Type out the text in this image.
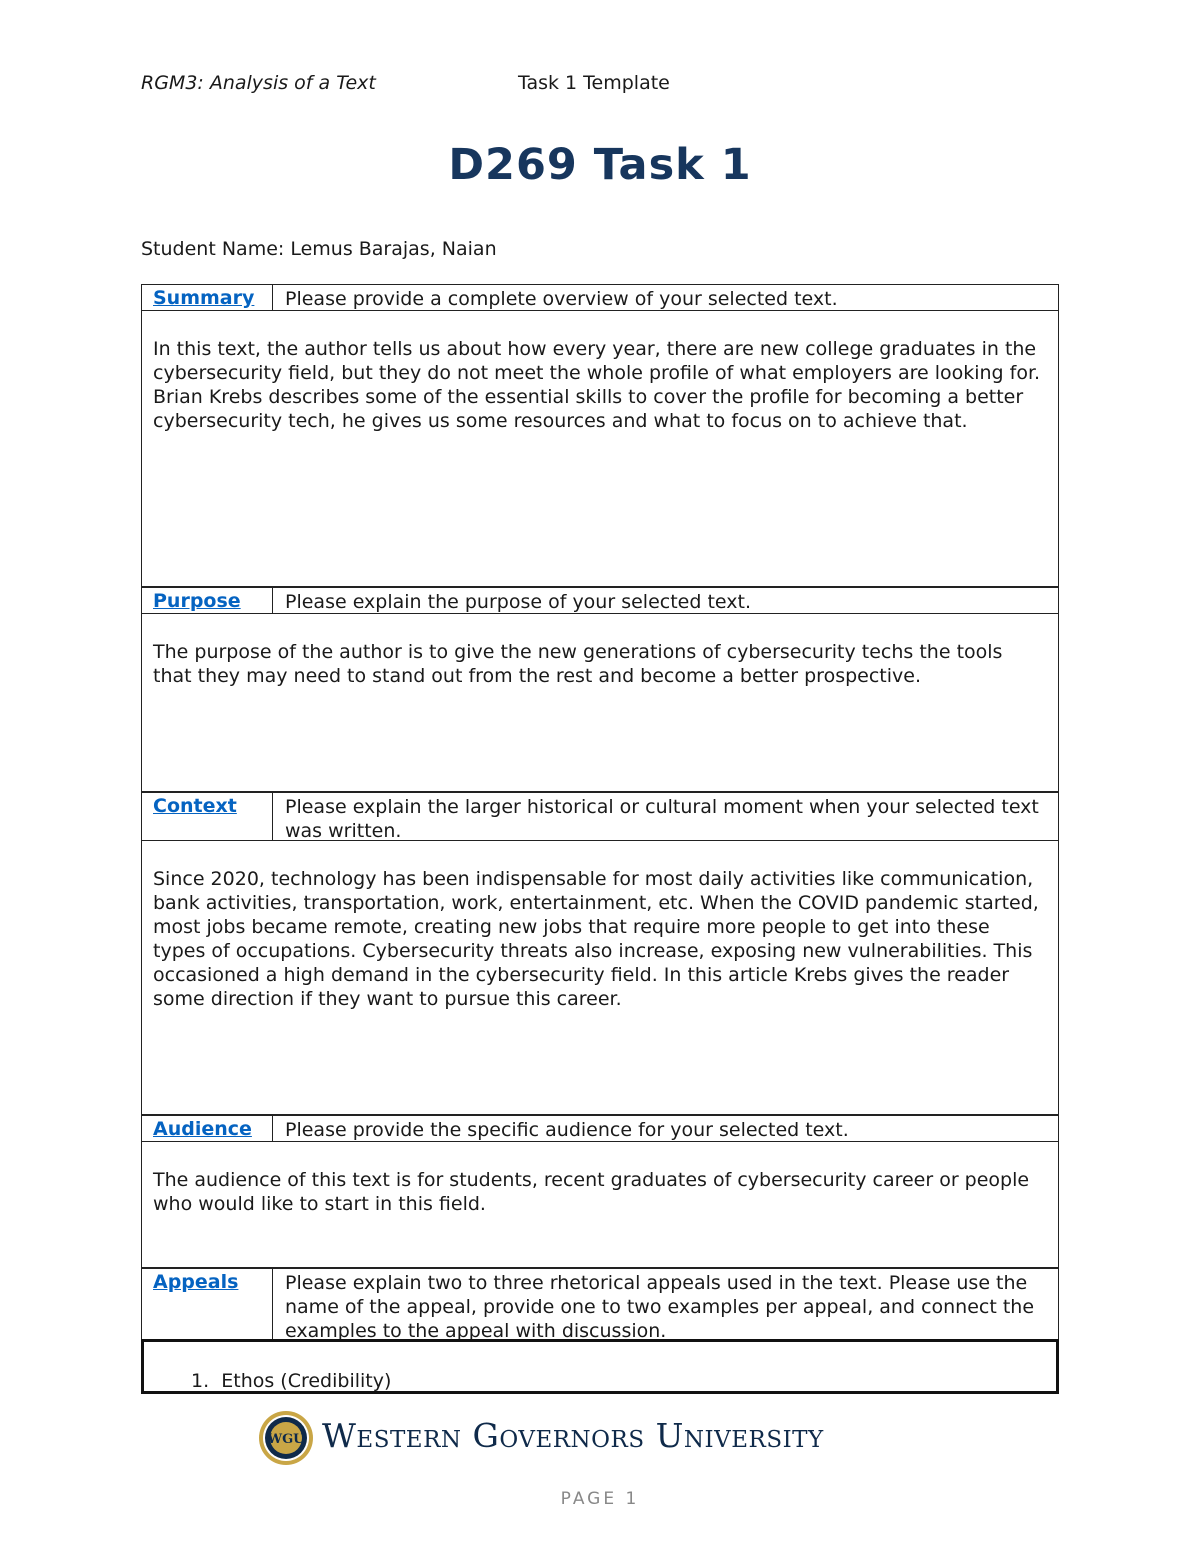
RGM3: Analysis of a Text	Task 1 Template
D269 Task 1
Student Name: Lemus Barajas, Naian
Summary	Please provide a complete overview of your selected text.
In this text, the author tells us about how every year, there are new college graduates in the cybersecurity field, but they do not meet the whole profile of what employers are looking for. Brian Krebs describes some of the essential skills to cover the profile for becoming a better cybersecurity tech, he gives us some resources and what to focus on to achieve that.
Purpose	Please explain the purpose of your selected text.
The purpose of the author is to give the new generations of cybersecurity techs the tools that they may need to stand out from the rest and become a better prospective.
Context	Please explain the larger historical or cultural moment when your selected text was written.
Since 2020, technology has been indispensable for most daily activities like communication, bank activities, transportation, work, entertainment, etc. When the COVID pandemic started, most jobs became remote, creating new jobs that require more people to get into these types of occupations. Cybersecurity threats also increase, exposing new vulnerabilities. This occasioned a high demand in the cybersecurity field. In this article Krebs gives the reader some direction if they want to pursue this career.
Audience	Please provide the specific audience for your selected text.
The audience of this text is for students, recent graduates of cybersecurity career or people who would like to start in this field.
Appeals	Please explain two to three rhetorical appeals used in the text. Please use the name of the appeal, provide one to two examples per appeal, and connect the examples to the appeal with discussion.
1. Ethos (Credibility)
WGU Western Governors University
PAGE 1
